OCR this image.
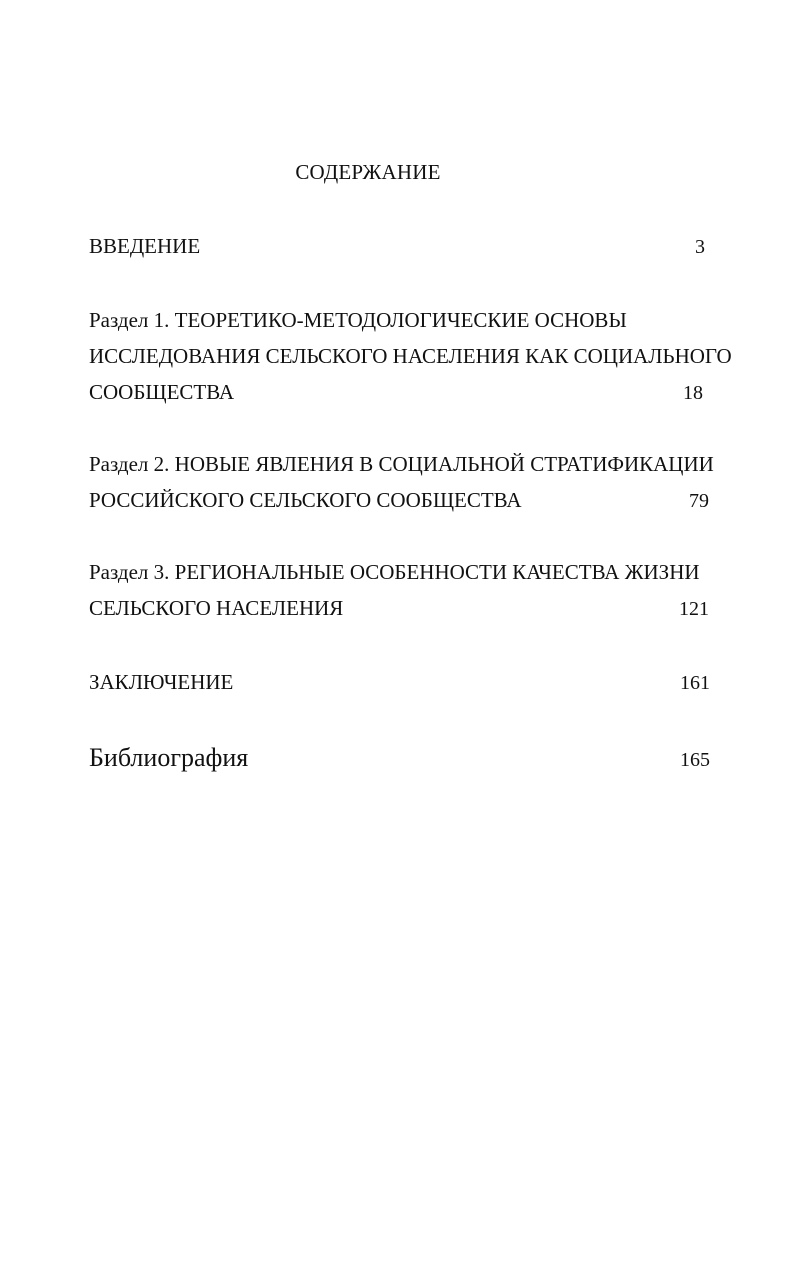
СОДЕРЖАНИЕ
ВВЕДЕНИЕ	3
Раздел 1. ТЕОРЕТИКО-МЕТОДОЛОГИЧЕСКИЕ ОСНОВЫ
ИССЛЕДОВАНИЯ СЕЛЬСКОГО НАСЕЛЕНИЯ КАК СОЦИАЛЬНОГО
СООБЩЕСТВА	18
Раздел 2. НОВЫЕ ЯВЛЕНИЯ В СОЦИАЛЬНОЙ СТРАТИФИКАЦИИ
РОССИЙСКОГО СЕЛЬСКОГО СООБЩЕСТВА	79
Раздел 3. РЕГИОНАЛЬНЫЕ ОСОБЕННОСТИ КАЧЕСТВА ЖИЗНИ
СЕЛЬСКОГО НАСЕЛЕНИЯ	121
ЗАКЛЮЧЕНИЕ	161
Библиография	165
